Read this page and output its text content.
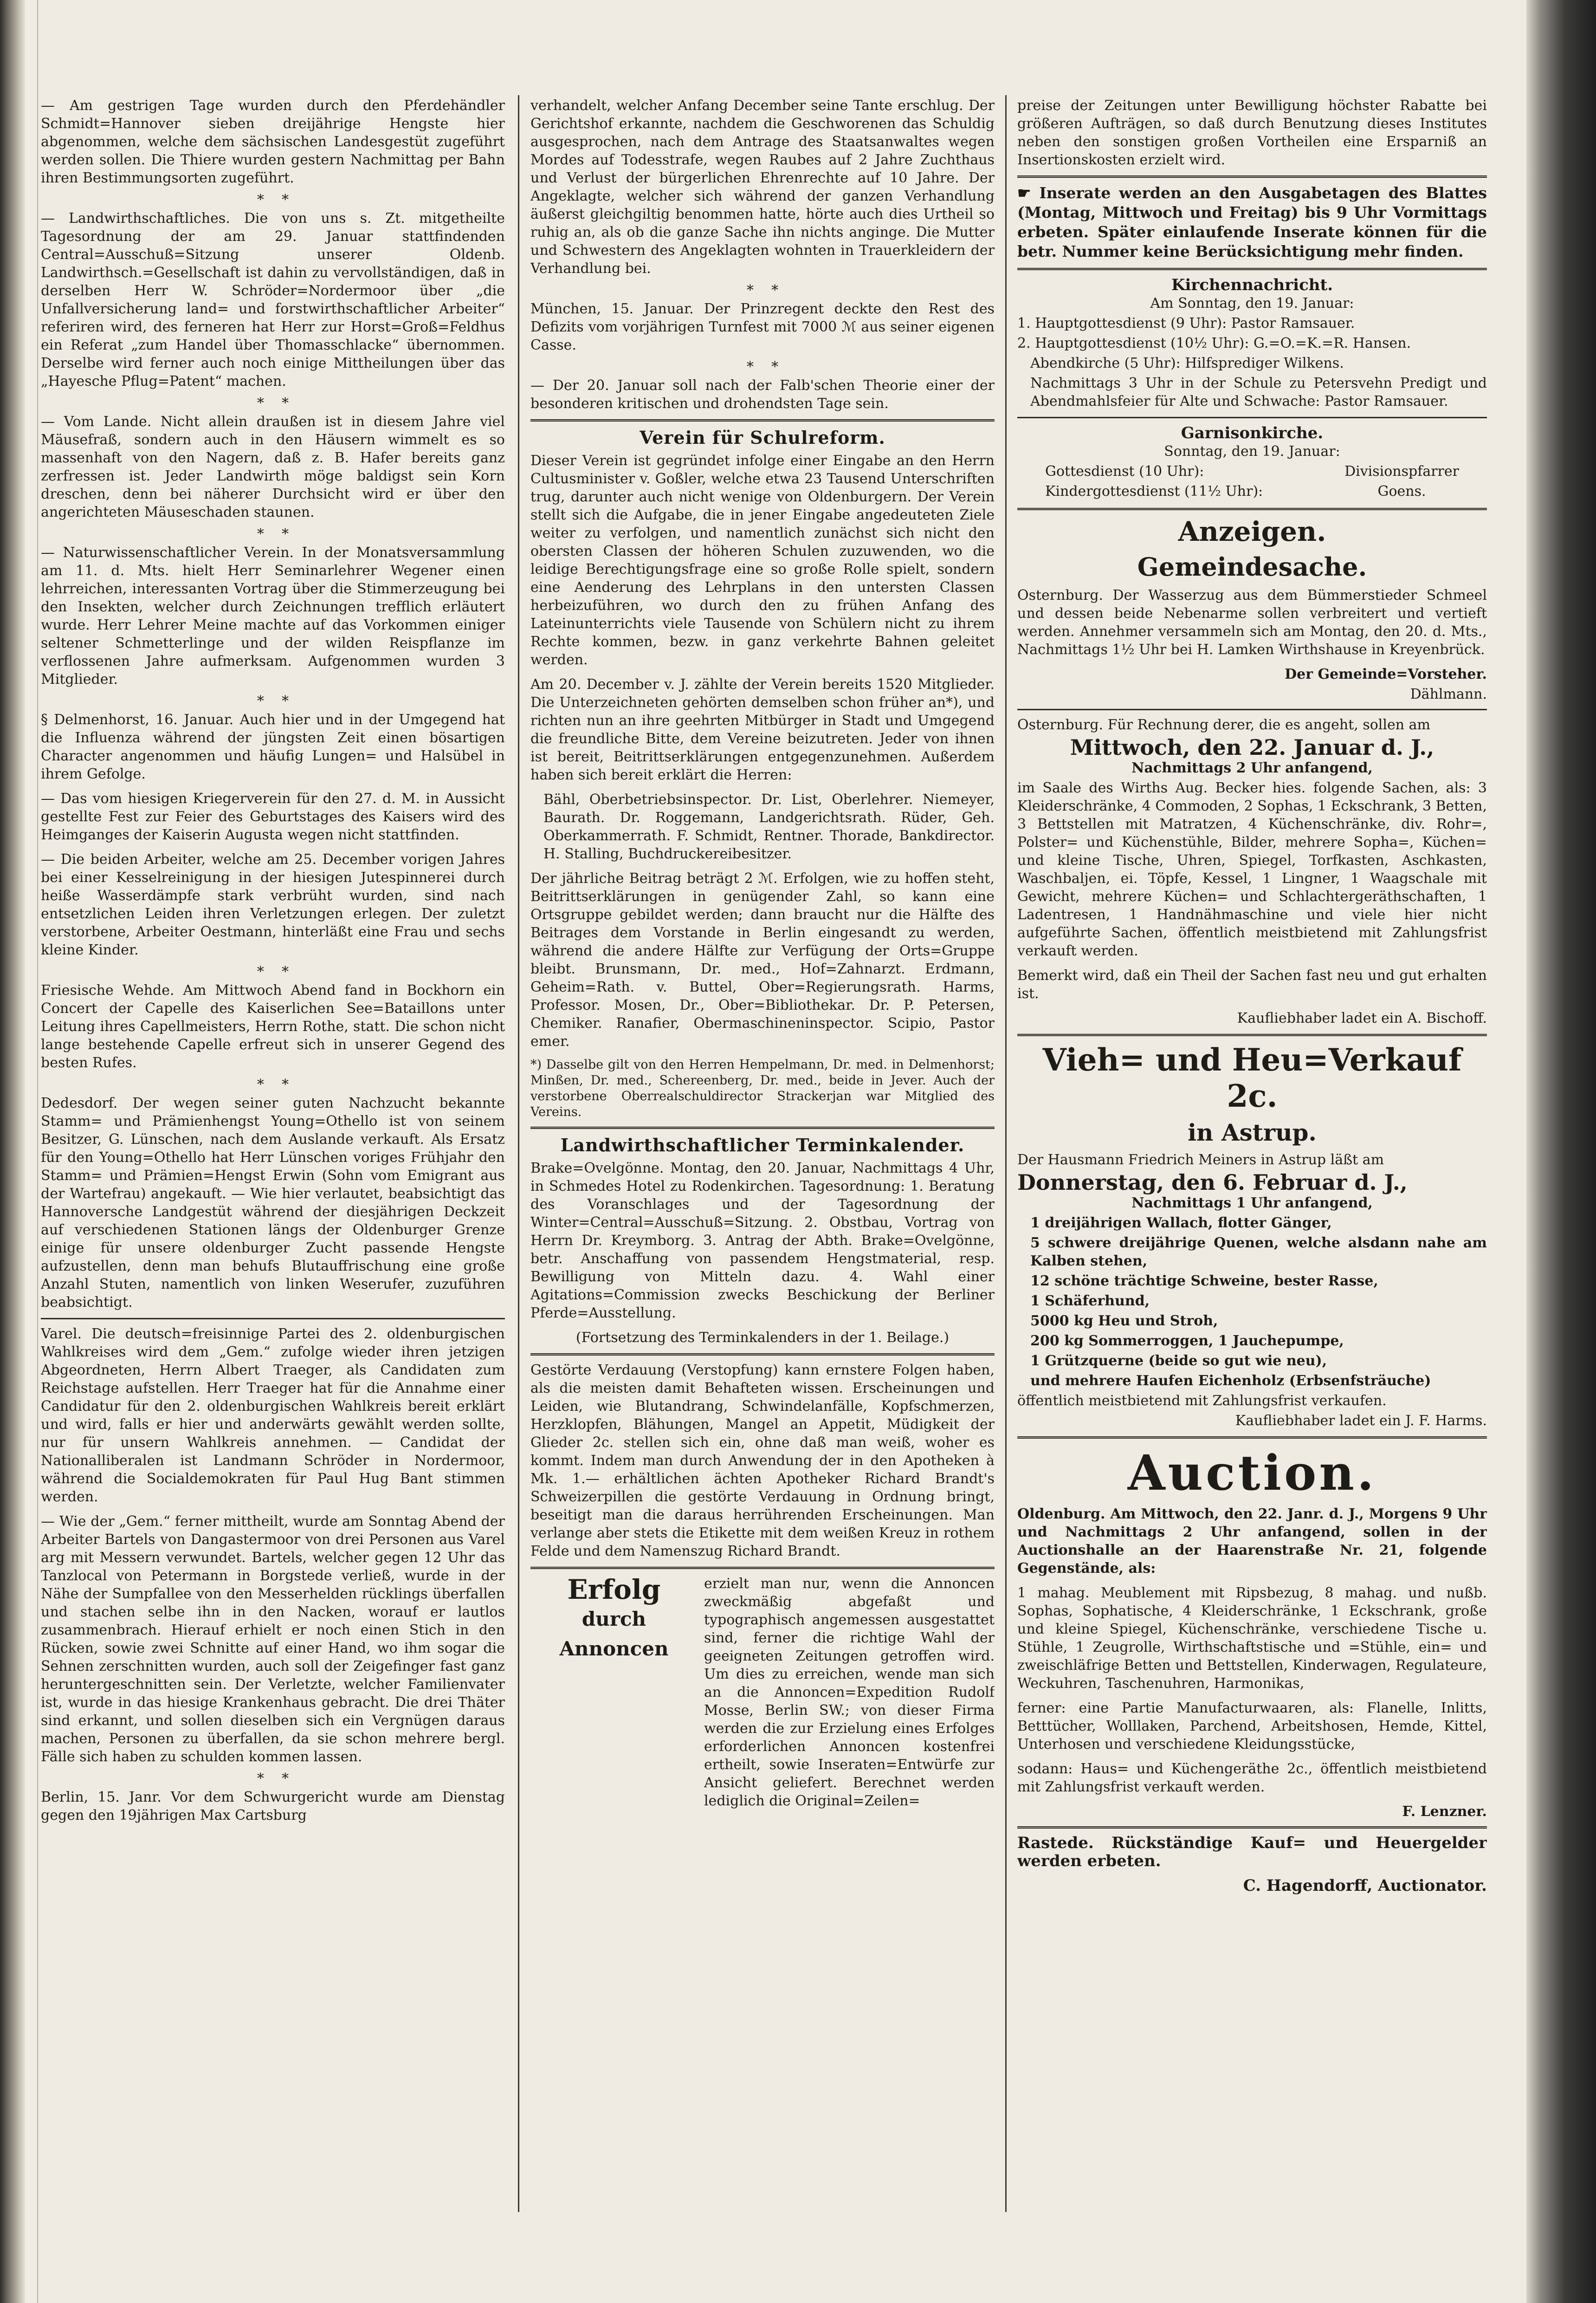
— Am gestrigen Tage wurden durch den Pferdehändler Schmidt=Hannover sieben dreijährige Hengste hier abgenommen, welche dem sächsischen Landesgestüt zugeführt werden sollen. Die Thiere wurden gestern Nachmittag per Bahn ihren Bestimmungsorten zugeführt.

*    *

— Landwirthschaftliches. Die von uns s. Zt. mitgetheilte Tagesordnung der am 29. Januar stattfindenden Central=Ausschuß=Sitzung unserer Oldenb. Landwirthsch.=Gesellschaft ist dahin zu vervollständigen, daß in derselben Herr W. Schröder=Nordermoor über „die Unfallversicherung land= und forstwirthschaftlicher Arbeiter“ referiren wird, des ferneren hat Herr zur Horst=Groß=Feldhus ein Referat „zum Handel über Thomasschlacke“ übernommen. Derselbe wird ferner auch noch einige Mittheilungen über das „Hayesche Pflug=Patent“ machen.

*    *

— Vom Lande. Nicht allein draußen ist in diesem Jahre viel Mäusefraß, sondern auch in den Häusern wimmelt es so massenhaft von den Nagern, daß z. B. Hafer bereits ganz zerfressen ist. Jeder Landwirth möge baldigst sein Korn dreschen, denn bei näherer Durchsicht wird er über den angerichteten Mäuseschaden staunen.

*    *

— Naturwissenschaftlicher Verein. In der Monatsversammlung am 11. d. Mts. hielt Herr Seminarlehrer Wegener einen lehrreichen, interessanten Vortrag über die Stimmerzeugung bei den Insekten, welcher durch Zeichnungen trefflich erläutert wurde. Herr Lehrer Meine machte auf das Vorkommen einiger seltener Schmetterlinge und der wilden Reispflanze im verflossenen Jahre aufmerksam. Aufgenommen wurden 3 Mitglieder.

*    *

§ Delmenhorst, 16. Januar. Auch hier und in der Umgegend hat die Influenza während der jüngsten Zeit einen bösartigen Character angenommen und häufig Lungen= und Halsübel in ihrem Gefolge.

— Das vom hiesigen Kriegerverein für den 27. d. M. in Aussicht gestellte Fest zur Feier des Geburtstages des Kaisers wird des Heimganges der Kaiserin Augusta wegen nicht stattfinden.

— Die beiden Arbeiter, welche am 25. December vorigen Jahres bei einer Kesselreinigung in der hiesigen Jutespinnerei durch heiße Wasserdämpfe stark verbrüht wurden, sind nach entsetzlichen Leiden ihren Verletzungen erlegen. Der zuletzt verstorbene, Arbeiter Oestmann, hinterläßt eine Frau und sechs kleine Kinder.

*    *

Friesische Wehde. Am Mittwoch Abend fand in Bockhorn ein Concert der Capelle des Kaiserlichen See=Bataillons unter Leitung ihres Capellmeisters, Herrn Rothe, statt. Die schon nicht lange bestehende Capelle erfreut sich in unserer Gegend des besten Rufes.

*    *

Dedesdorf. Der wegen seiner guten Nachzucht bekannte Stamm= und Prämienhengst Young=Othello ist von seinem Besitzer, G. Lünschen, nach dem Auslande verkauft. Als Ersatz für den Young=Othello hat Herr Lünschen voriges Frühjahr den Stamm= und Prämien=Hengst Erwin (Sohn vom Emigrant aus der Wartefrau) angekauft. — Wie hier verlautet, beabsichtigt das Hannoversche Landgestüt während der diesjährigen Deckzeit auf verschiedenen Stationen längs der Oldenburger Grenze einige für unsere oldenburger Zucht passende Hengste aufzustellen, denn man behufs Blutauffrischung eine große Anzahl Stuten, namentlich von linken Weserufer, zuzuführen beabsichtigt.

Varel. Die deutsch=freisinnige Partei des 2. oldenburgischen Wahlkreises wird dem „Gem.“ zufolge wieder ihren jetzigen Abgeordneten, Herrn Albert Traeger, als Candidaten zum Reichstage aufstellen. Herr Traeger hat für die Annahme einer Candidatur für den 2. oldenburgischen Wahlkreis bereit erklärt und wird, falls er hier und anderwärts gewählt werden sollte, nur für unsern Wahlkreis annehmen. — Candidat der Nationalliberalen ist Landmann Schröder in Nordermoor, während die Socialdemokraten für Paul Hug Bant stimmen werden.

— Wie der „Gem.“ ferner mittheilt, wurde am Sonntag Abend der Arbeiter Bartels von Dangastermoor von drei Personen aus Varel arg mit Messern verwundet. Bartels, welcher gegen 12 Uhr das Tanzlocal von Petermann in Borgstede verließ, wurde in der Nähe der Sumpfallee von den Messerhelden rücklings überfallen und stachen selbe ihn in den Nacken, worauf er lautlos zusammenbrach. Hierauf erhielt er noch einen Stich in den Rücken, sowie zwei Schnitte auf einer Hand, wo ihm sogar die Sehnen zerschnitten wurden, auch soll der Zeigefinger fast ganz heruntergeschnitten sein. Der Verletzte, welcher Familienvater ist, wurde in das hiesige Krankenhaus gebracht. Die drei Thäter sind erkannt, und sollen dieselben sich ein Vergnügen daraus machen, Personen zu überfallen, da sie schon mehrere bergl. Fälle sich haben zu schulden kommen lassen.

*    *

Berlin, 15. Janr. Vor dem Schwurgericht wurde am Dienstag gegen den 19jährigen Max Cartsburg

verhandelt, welcher Anfang December seine Tante erschlug. Der Gerichtshof erkannte, nachdem die Geschworenen das Schuldig ausgesprochen, nach dem Antrage des Staatsanwaltes wegen Mordes auf Todesstrafe, wegen Raubes auf 2 Jahre Zuchthaus und Verlust der bürgerlichen Ehrenrechte auf 10 Jahre. Der Angeklagte, welcher sich während der ganzen Verhandlung äußerst gleichgiltig benommen hatte, hörte auch dies Urtheil so ruhig an, als ob die ganze Sache ihn nichts anginge. Die Mutter und Schwestern des Angeklagten wohnten in Trauerkleidern der Verhandlung bei.

*    *

München, 15. Januar. Der Prinzregent deckte den Rest des Defizits vom vorjährigen Turnfest mit 7000 ℳ aus seiner eigenen Casse.

*    *

— Der 20. Januar soll nach der Falb'schen Theorie einer der besonderen kritischen und drohendsten Tage sein.

Verein für Schulreform.

Dieser Verein ist gegründet infolge einer Eingabe an den Herrn Cultusminister v. Goßler, welche etwa 23 Tausend Unterschriften trug, darunter auch nicht wenige von Oldenburgern. Der Verein stellt sich die Aufgabe, die in jener Eingabe angedeuteten Ziele weiter zu verfolgen, und namentlich zunächst sich nicht den obersten Classen der höheren Schulen zuzuwenden, wo die leidige Berechtigungsfrage eine so große Rolle spielt, sondern eine Aenderung des Lehrplans in den untersten Classen herbeizuführen, wo durch den zu frühen Anfang des Lateinunterrichts viele Tausende von Schülern nicht zu ihrem Rechte kommen, bezw. in ganz verkehrte Bahnen geleitet werden.

Am 20. December v. J. zählte der Verein bereits 1520 Mitglieder. Die Unterzeichneten gehörten demselben schon früher an*), und richten nun an ihre geehrten Mitbürger in Stadt und Umgegend die freundliche Bitte, dem Vereine beizutreten. Jeder von ihnen ist bereit, Beitrittserklärungen entgegenzunehmen. Außerdem haben sich bereit erklärt die Herren:

Bähl, Oberbetriebsinspector. Dr. List, Oberlehrer. Niemeyer, Baurath. Dr. Roggemann, Landgerichtsrath. Rüder, Geh. Oberkammerrath. F. Schmidt, Rentner. Thorade, Bankdirector. H. Stalling, Buchdruckereibesitzer.

Der jährliche Beitrag beträgt 2 ℳ. Erfolgen, wie zu hoffen steht, Beitrittserklärungen in genügender Zahl, so kann eine Ortsgruppe gebildet werden; dann braucht nur die Hälfte des Beitrages dem Vorstande in Berlin eingesandt zu werden, während die andere Hälfte zur Verfügung der Orts=Gruppe bleibt. Brunsmann, Dr. med., Hof=Zahnarzt. Erdmann, Geheim=Rath. v. Buttel, Ober=Regierungsrath. Harms, Professor. Mosen, Dr., Ober=Bibliothekar. Dr. P. Petersen, Chemiker. Ranafier, Obermaschineninspector. Scipio, Pastor emer.

*) Dasselbe gilt von den Herren Hempelmann, Dr. med. in Delmenhorst; Minßen, Dr. med., Schereenberg, Dr. med., beide in Jever. Auch der verstorbene Oberrealschuldirector Strackerjan war Mitglied des Vereins.

Landwirthschaftlicher Terminkalender.

Brake=Ovelgönne. Montag, den 20. Januar, Nachmittags 4 Uhr, in Schmedes Hotel zu Rodenkirchen. Tagesordnung: 1. Beratung des Voranschlages und der Tagesordnung der Winter=Central=Ausschuß=Sitzung. 2. Obstbau, Vortrag von Herrn Dr. Kreymborg. 3. Antrag der Abth. Brake=Ovelgönne, betr. Anschaffung von passendem Hengstmaterial, resp. Bewilligung von Mitteln dazu. 4. Wahl einer Agitations=Commission zwecks Beschickung der Berliner Pferde=Ausstellung.

(Fortsetzung des Terminkalenders in der 1. Beilage.)

Gestörte Verdauung (Verstopfung) kann ernstere Folgen haben, als die meisten damit Behafteten wissen. Erscheinungen und Leiden, wie Blutandrang, Schwindelanfälle, Kopfschmerzen, Herzklopfen, Blähungen, Mangel an Appetit, Müdigkeit der Glieder 2c. stellen sich ein, ohne daß man weiß, woher es kommt. Indem man durch Anwendung der in den Apotheken à Mk. 1.— erhältlichen ächten Apotheker Richard Brandt's Schweizerpillen die gestörte Verdauung in Ordnung bringt, beseitigt man die daraus herrührenden Erscheinungen. Man verlange aber stets die Etikette mit dem weißen Kreuz in rothem Felde und dem Namenszug Richard Brandt.

Erfolg
durch Annoncen

erzielt man nur, wenn die Annoncen zweckmäßig abgefaßt und typographisch angemessen ausgestattet sind, ferner die richtige Wahl der geeigneten Zeitungen getroffen wird. Um dies zu erreichen, wende man sich an die Annoncen=Expedition Rudolf Mosse, Berlin SW.; von dieser Firma werden die zur Erzielung eines Erfolges erforderlichen Annoncen kostenfrei ertheilt, sowie Inseraten=Entwürfe zur Ansicht geliefert. Berechnet werden lediglich die Original=Zeilen=

preise der Zeitungen unter Bewilligung höchster Rabatte bei größeren Aufträgen, so daß durch Benutzung dieses Institutes neben den sonstigen großen Vortheilen eine Ersparniß an Insertionskosten erzielt wird.

☛ Inserate werden an den Ausgabetagen des Blattes (Montag, Mittwoch und Freitag) bis 9 Uhr Vormittags erbeten. Später einlaufende Inserate können für die betr. Nummer keine Berücksichtigung mehr finden.

Kirchennachricht.

Am Sonntag, den 19. Januar:

1. Hauptgottesdienst (9 Uhr): Pastor Ramsauer.

2. Hauptgottesdienst (10½ Uhr): G.=O.=K.=R. Hansen.

Abendkirche (5 Uhr): Hilfsprediger Wilkens.

Nachmittags 3 Uhr in der Schule zu Petersvehn Predigt und Abendmahlsfeier für Alte und Schwache: Pastor Ramsauer.

Garnisonkirche.

Sonntag, den 19. Januar:

Gottesdienst (10 Uhr):
Kindergottesdienst (11½ Uhr):
Divisionspfarrer
Goens.
Anzeigen.
Gemeindesache.

Osternburg. Der Wasserzug aus dem Bümmerstieder Schmeel und dessen beide Nebenarme sollen verbreitert und vertieft werden. Annehmer versammeln sich am Montag, den 20. d. Mts., Nachmittags 1½ Uhr bei H. Lamken Wirthshause in Kreyenbrück.

Der Gemeinde=Vorsteher.

Dählmann.

Osternburg. Für Rechnung derer, die es angeht, sollen am

Mittwoch, den 22. Januar d. J.,

Nachmittags 2 Uhr anfangend,

im Saale des Wirths Aug. Becker hies. folgende Sachen, als: 3 Kleiderschränke, 4 Commoden, 2 Sophas, 1 Eckschrank, 3 Betten, 3 Bettstellen mit Matratzen, 4 Küchenschränke, div. Rohr=, Polster= und Küchenstühle, Bilder, mehrere Sopha=, Küchen= und kleine Tische, Uhren, Spiegel, Torfkasten, Aschkasten, Waschbaljen, ei. Töpfe, Kessel, 1 Lingner, 1 Waagschale mit Gewicht, mehrere Küchen= und Schlachtergeräthschaften, 1 Ladentresen, 1 Handnähmaschine und viele hier nicht aufgeführte Sachen, öffentlich meistbietend mit Zahlungsfrist verkauft werden.

Bemerkt wird, daß ein Theil der Sachen fast neu und gut erhalten ist.

Kaufliebhaber ladet ein A. Bischoff.

Vieh= und Heu=Verkauf 2c.
in Astrup.

Der Hausmann Friedrich Meiners in Astrup läßt am

Donnerstag, den 6. Februar d. J.,

Nachmittags 1 Uhr anfangend,

1 dreijährigen Wallach, flotter Gänger,

5 schwere dreijährige Quenen, welche alsdann nahe am Kalben stehen,

12 schöne trächtige Schweine, bester Rasse,

1 Schäferhund,

5000 kg Heu und Stroh,

200 kg Sommerroggen, 1 Jauchepumpe,

1 Grützquerne (beide so gut wie neu),

und mehrere Haufen Eichenholz (Erbsenfsträuche)

öffentlich meistbietend mit Zahlungsfrist verkaufen.

Kaufliebhaber ladet ein J. F. Harms.

Auction.

Oldenburg. Am Mittwoch, den 22. Janr. d. J., Morgens 9 Uhr und Nachmittags 2 Uhr anfangend, sollen in der Auctionshalle an der Haarenstraße Nr. 21, folgende Gegenstände, als:

1 mahag. Meublement mit Ripsbezug, 8 mahag. und nußb. Sophas, Sophatische, 4 Kleiderschränke, 1 Eckschrank, große und kleine Spiegel, Küchenschränke, verschiedene Tische u. Stühle, 1 Zeugrolle, Wirthschaftstische und =Stühle, ein= und zweischläfrige Betten und Bettstellen, Kinderwagen, Regulateure, Weckuhren, Taschenuhren, Harmonikas,

ferner: eine Partie Manufacturwaaren, als: Flanelle, Inlitts, Betttücher, Wolllaken, Parchend, Arbeitshosen, Hemde, Kittel, Unterhosen und verschiedene Kleidungsstücke,

sodann: Haus= und Küchengeräthe 2c., öffentlich meistbietend mit Zahlungsfrist verkauft werden.

F. Lenzner.

Rastede. Rückständige Kauf= und Heuergelder werden erbeten.

C. Hagendorff, Auctionator.
